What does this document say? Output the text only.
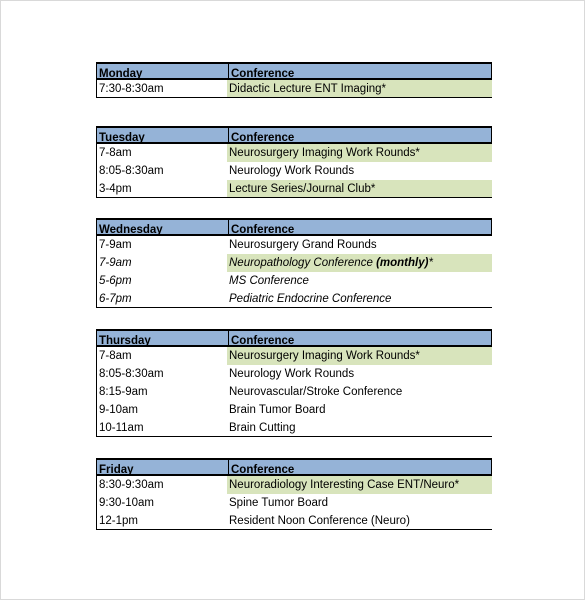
Monday	Conference
7:30-8:30am	Didactic Lecture ENT Imaging*
Tuesday	Conference
7-8am	Neurosurgery Imaging Work Rounds*
8:05-8:30am	Neurology Work Rounds
3-4pm	Lecture Series/Journal Club*
Wednesday	Conference
7-9am	Neurosurgery Grand Rounds
7-9am	Neuropathology Conference (monthly)*
5-6pm	MS Conference
6-7pm	Pediatric Endocrine Conference
Thursday	Conference
7-8am	Neurosurgery Imaging Work Rounds*
8:05-8:30am	Neurology Work Rounds
8:15-9am	Neurovascular/Stroke Conference
9-10am	Brain Tumor Board
10-11am	Brain Cutting
Friday	Conference
8:30-9:30am	Neuroradiology Interesting Case ENT/Neuro*
9:30-10am	Spine Tumor Board
12-1pm	Resident Noon Conference (Neuro)
